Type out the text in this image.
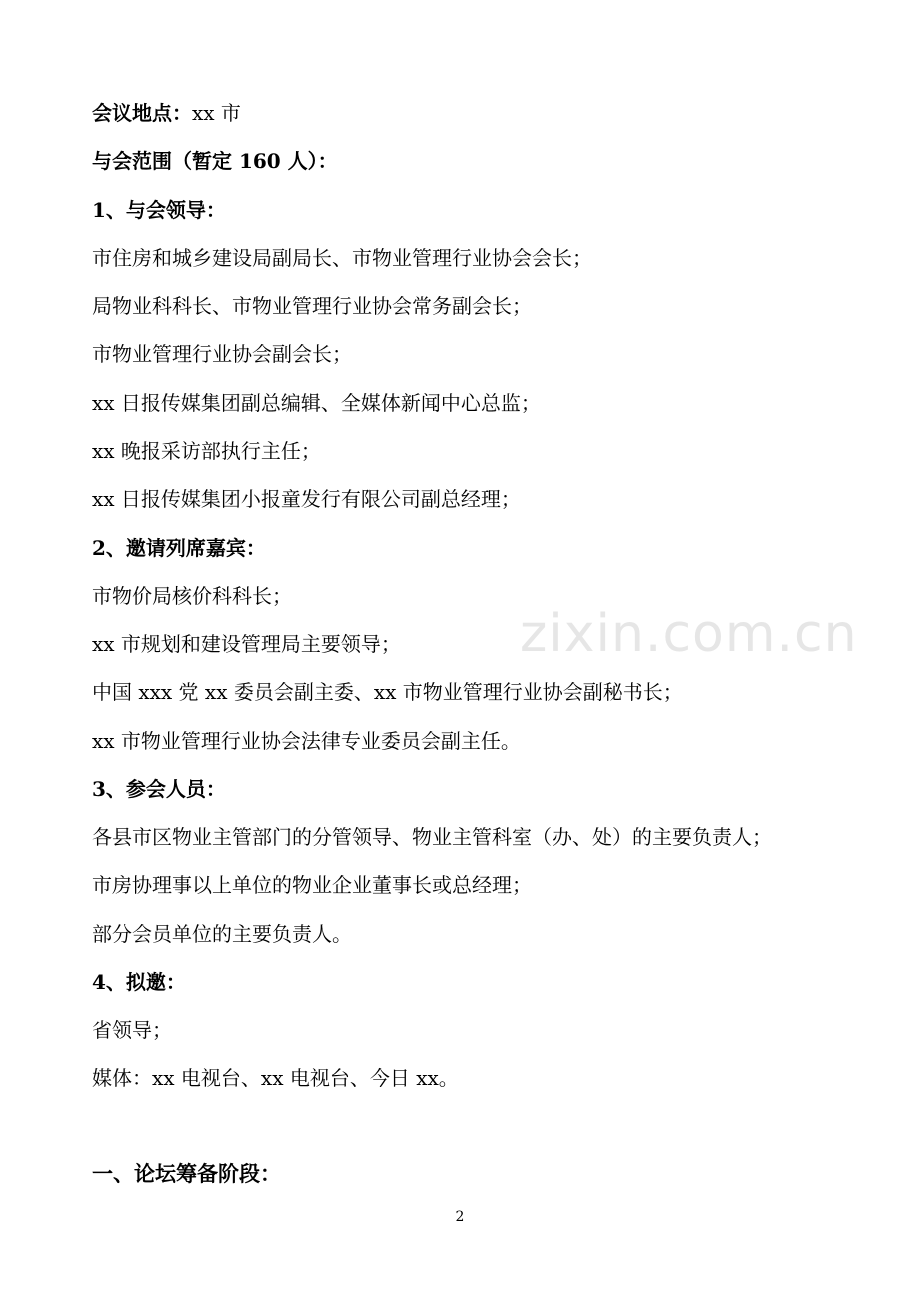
zixin.com.cn
会议地点：xx 市
与会范围（暂定 160 人）：
1、与会领导：
市住房和城乡建设局副局长、市物业管理行业协会会长；
局物业科科长、市物业管理行业协会常务副会长；
市物业管理行业协会副会长；
xx 日报传媒集团副总编辑、全媒体新闻中心总监；
xx 晚报采访部执行主任；
xx 日报传媒集团小报童发行有限公司副总经理；
2、邀请列席嘉宾：
市物价局核价科科长；
xx 市规划和建设管理局主要领导；
中国 xxx 党 xx 委员会副主委、xx 市物业管理行业协会副秘书长；
xx 市物业管理行业协会法律专业委员会副主任。
3、参会人员：
各县市区物业主管部门的分管领导、物业主管科室（办、处）的主要负责人；
市房协理事以上单位的物业企业董事长或总经理；
部分会员单位的主要负责人。
4、拟邀：
省领导；
媒体：xx 电视台、xx 电视台、今日 xx。
一、论坛筹备阶段：
2
